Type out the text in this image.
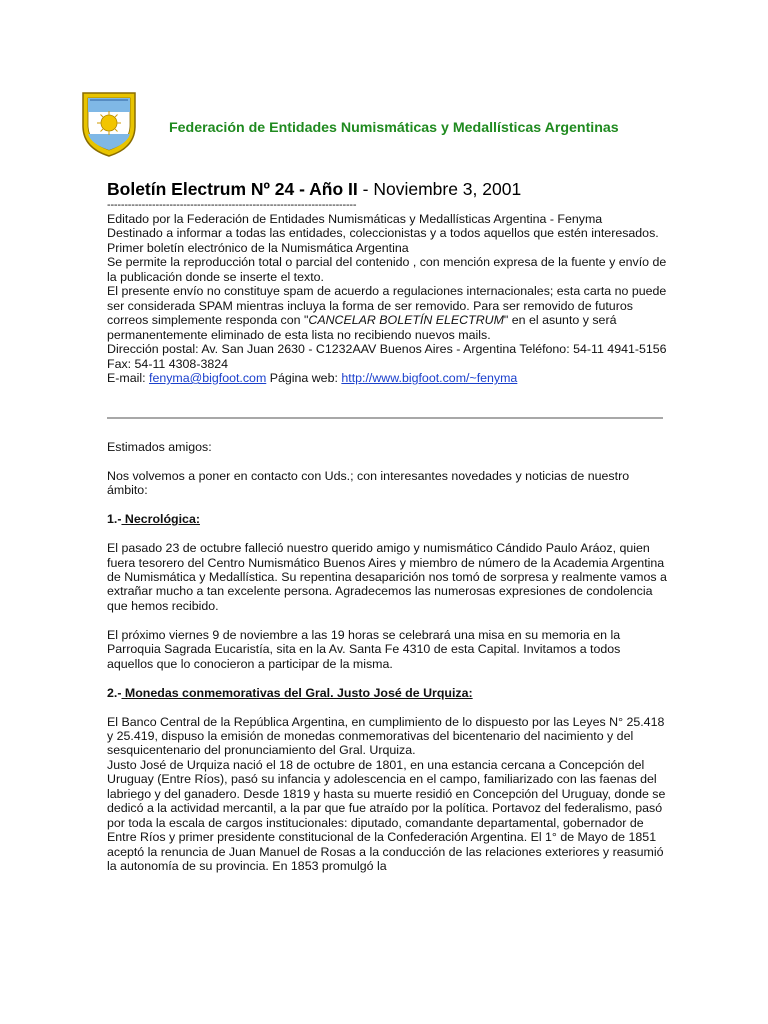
Federación de Entidades Numismáticas y Medallísticas Argentinas
Boletín Electrum Nº 24 - Año II - Noviembre 3, 2001

------------------------------------------------------------------------

Editado por la Federación de Entidades Numismáticas y Medallísticas Argentina - Fenyma

Destinado a informar a todas las entidades, coleccionistas y a todos aquellos que estén interesados.

Primer boletín electrónico de la Numismática Argentina

Se permite la reproducción total o parcial del contenido , con mención expresa de la fuente y envío de la publicación donde se inserte el texto.

El presente envío no constituye spam de acuerdo a regulaciones internacionales; esta carta no puede ser considerada SPAM mientras incluya la forma de ser removido. Para ser removido de futuros correos simplemente responda con "CANCELAR BOLETÍN ELECTRUM" en el asunto y será permanentemente eliminado de esta lista no recibiendo nuevos mails.

Dirección postal: Av. San Juan 2630 - C1232AAV Buenos Aires - Argentina Teléfono: 54-11 4941-5156 Fax: 54-11 4308-3824

E-mail: fenyma@bigfoot.com Página web: http://www.bigfoot.com/~fenyma

Estimados amigos:

Nos volvemos a poner en contacto con Uds.; con interesantes novedades y noticias de nuestro ámbito:

1.- Necrológica:

El pasado 23 de octubre falleció nuestro querido amigo y numismático Cándido Paulo Aráoz, quien fuera tesorero del Centro Numismático Buenos Aires y miembro de número de la Academia Argentina de Numismática y Medallística. Su repentina desaparición nos tomó de sorpresa y realmente vamos a extrañar mucho a tan excelente persona. Agradecemos las numerosas expresiones de condolencia que hemos recibido.

El próximo viernes 9 de noviembre a las 19 horas se celebrará una misa en su memoria en la Parroquia Sagrada Eucaristía, sita en la Av. Santa Fe 4310 de esta Capital. Invitamos a todos aquellos que lo conocieron a participar de la misma.

2.- Monedas conmemorativas del Gral. Justo José de Urquiza:

El Banco Central de la República Argentina, en cumplimiento de lo dispuesto por las Leyes N° 25.418 y 25.419, dispuso la emisión de monedas conmemorativas del bicentenario del nacimiento y del sesquicentenario del pronunciamiento del Gral. Urquiza.

Justo José de Urquiza nació el 18 de octubre de 1801, en una estancia cercana a Concepción del Uruguay (Entre Ríos), pasó su infancia y adolescencia en el campo, familiarizado con las faenas del labriego y del ganadero. Desde 1819 y hasta su muerte residió en Concepción del Uruguay, donde se dedicó a la actividad mercantil, a la par que fue atraído por la política. Portavoz del federalismo, pasó por toda la escala de cargos institucionales: diputado, comandante departamental, gobernador de Entre Ríos y primer presidente constitucional de la Confederación Argentina. El 1° de Mayo de 1851 aceptó la renuncia de Juan Manuel de Rosas a la conducción de las relaciones exteriores y reasumió la autonomía de su provincia. En 1853 promulgó la
